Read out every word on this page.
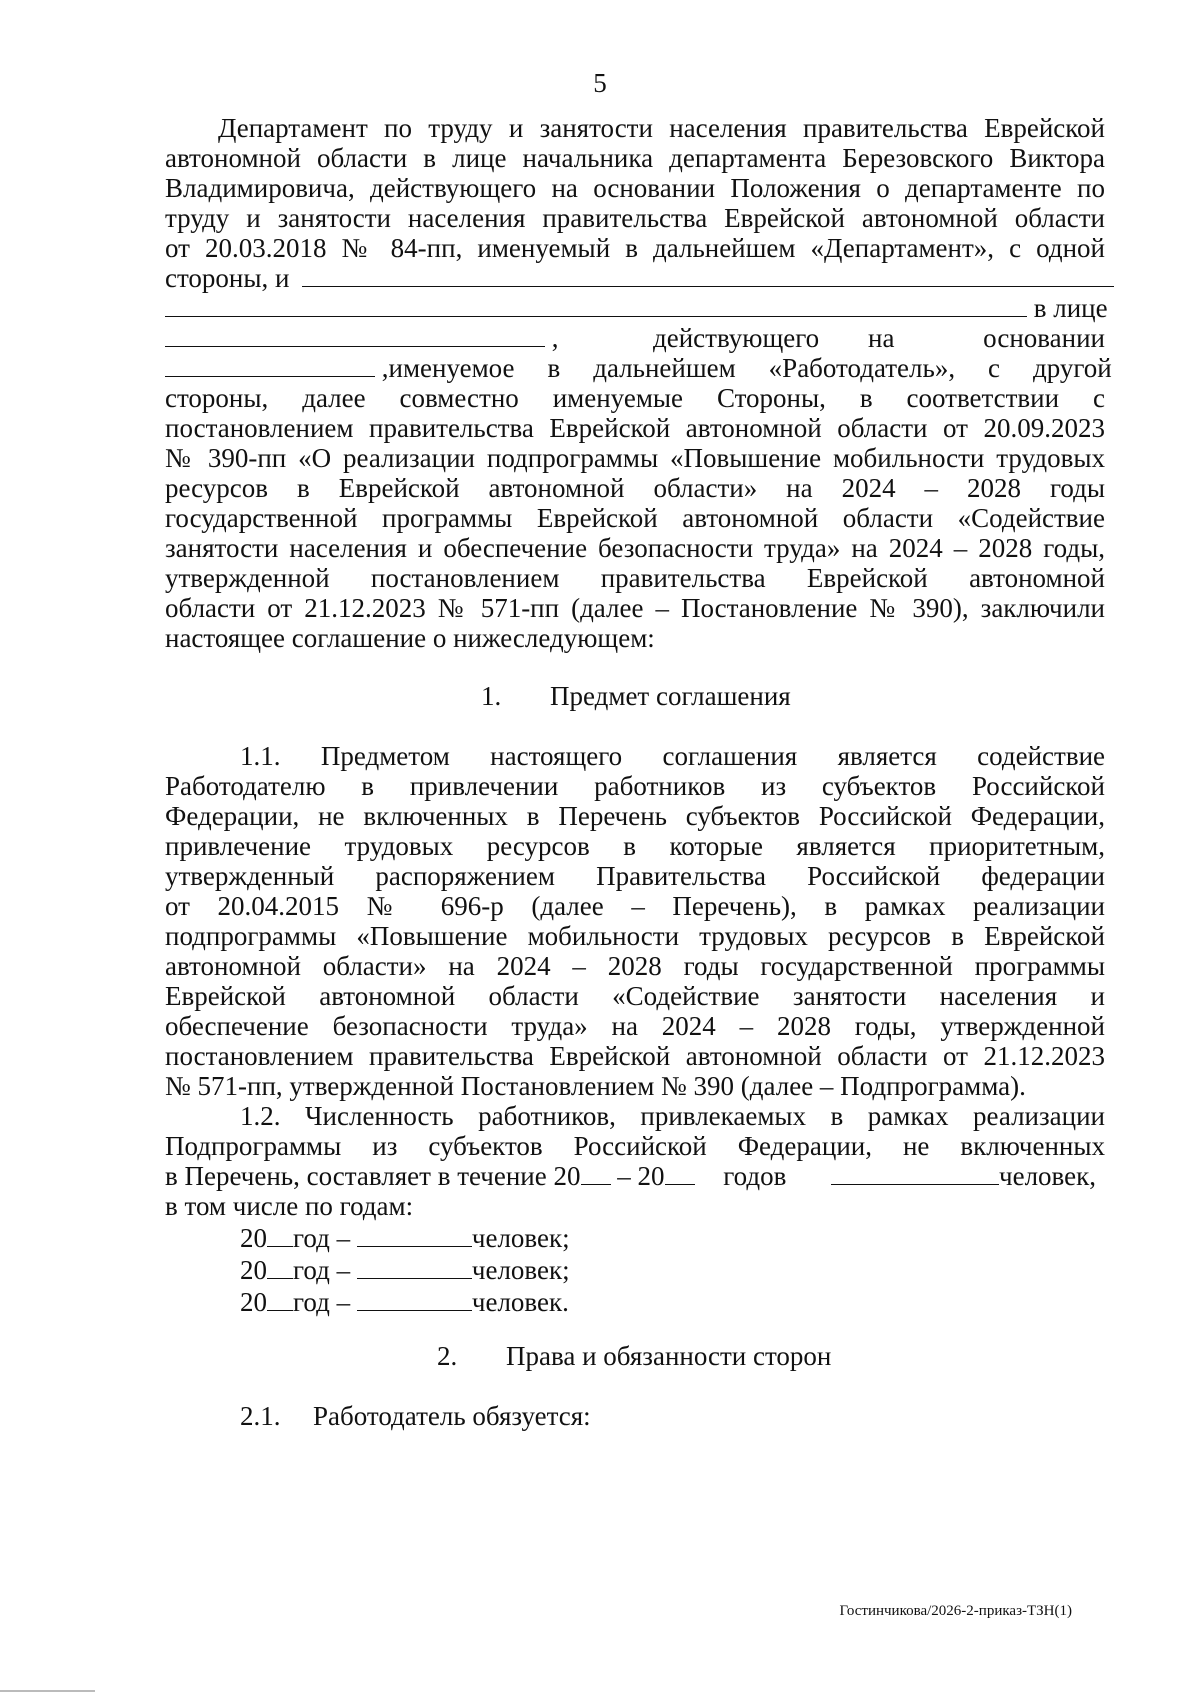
5
Департамент по труду и занятости населения правительства Еврейской
автономной области в лице начальника департамента Березовского Виктора
Владимировича, действующего на основании Положения о департаменте по
труду и занятости населения правительства Еврейской автономной области
от 20.03.2018 № 84-пп, именуемый в дальнейшем «Департамент», с одной
стороны, и
в лице
,	действующего на	основании
,именуемое в дальнейшем «Работодатель», с другой
стороны, далее совместно именуемые Стороны, в соответствии с
постановлением правительства Еврейской автономной области от 20.09.2023
№ 390-пп «О реализации подпрограммы «Повышение мобильности трудовых
ресурсов в Еврейской автономной области» на 2024 – 2028 годы
государственной программы Еврейской автономной области «Содействие
занятости населения и обеспечение безопасности труда» на 2024 – 2028 годы,
утвержденной постановлением правительства Еврейской автономной
области от 21.12.2023 № 571-пп (далее – Постановление № 390), заключили
настоящее соглашение о нижеследующем:
1. Предмет соглашения
1.1. Предметом настоящего соглашения является содействие
Работодателю в привлечении работников из субъектов Российской
Федерации, не включенных в Перечень субъектов Российской Федерации,
привлечение трудовых ресурсов в которые является приоритетным,
утвержденный распоряжением Правительства Российской федерации
от 20.04.2015 № 696-р (далее – Перечень), в рамках реализации
подпрограммы «Повышение мобильности трудовых ресурсов в Еврейской
автономной области» на 2024 – 2028 годы государственной программы
Еврейской автономной области «Содействие занятости населения и
обеспечение безопасности труда» на 2024 – 2028 годы, утвержденной
постановлением правительства Еврейской автономной области от 21.12.2023
№ 571-пп, утвержденной Постановлением № 390 (далее – Подпрограмма).
1.2. Численность работников, привлекаемых в рамках реализации
Подпрограммы из субъектов Российской Федерации, не включенных
в Перечень, составляет в течение 20 – 20 годов	человек,
в том числе по годам:
20 год –	человек;
20 год –	человек;
20 год –	человек.
2. Права и обязанности сторон
2.1. Работодатель обязуется:
Гостинчикова/2026-2-приказ-ТЗН(1)
